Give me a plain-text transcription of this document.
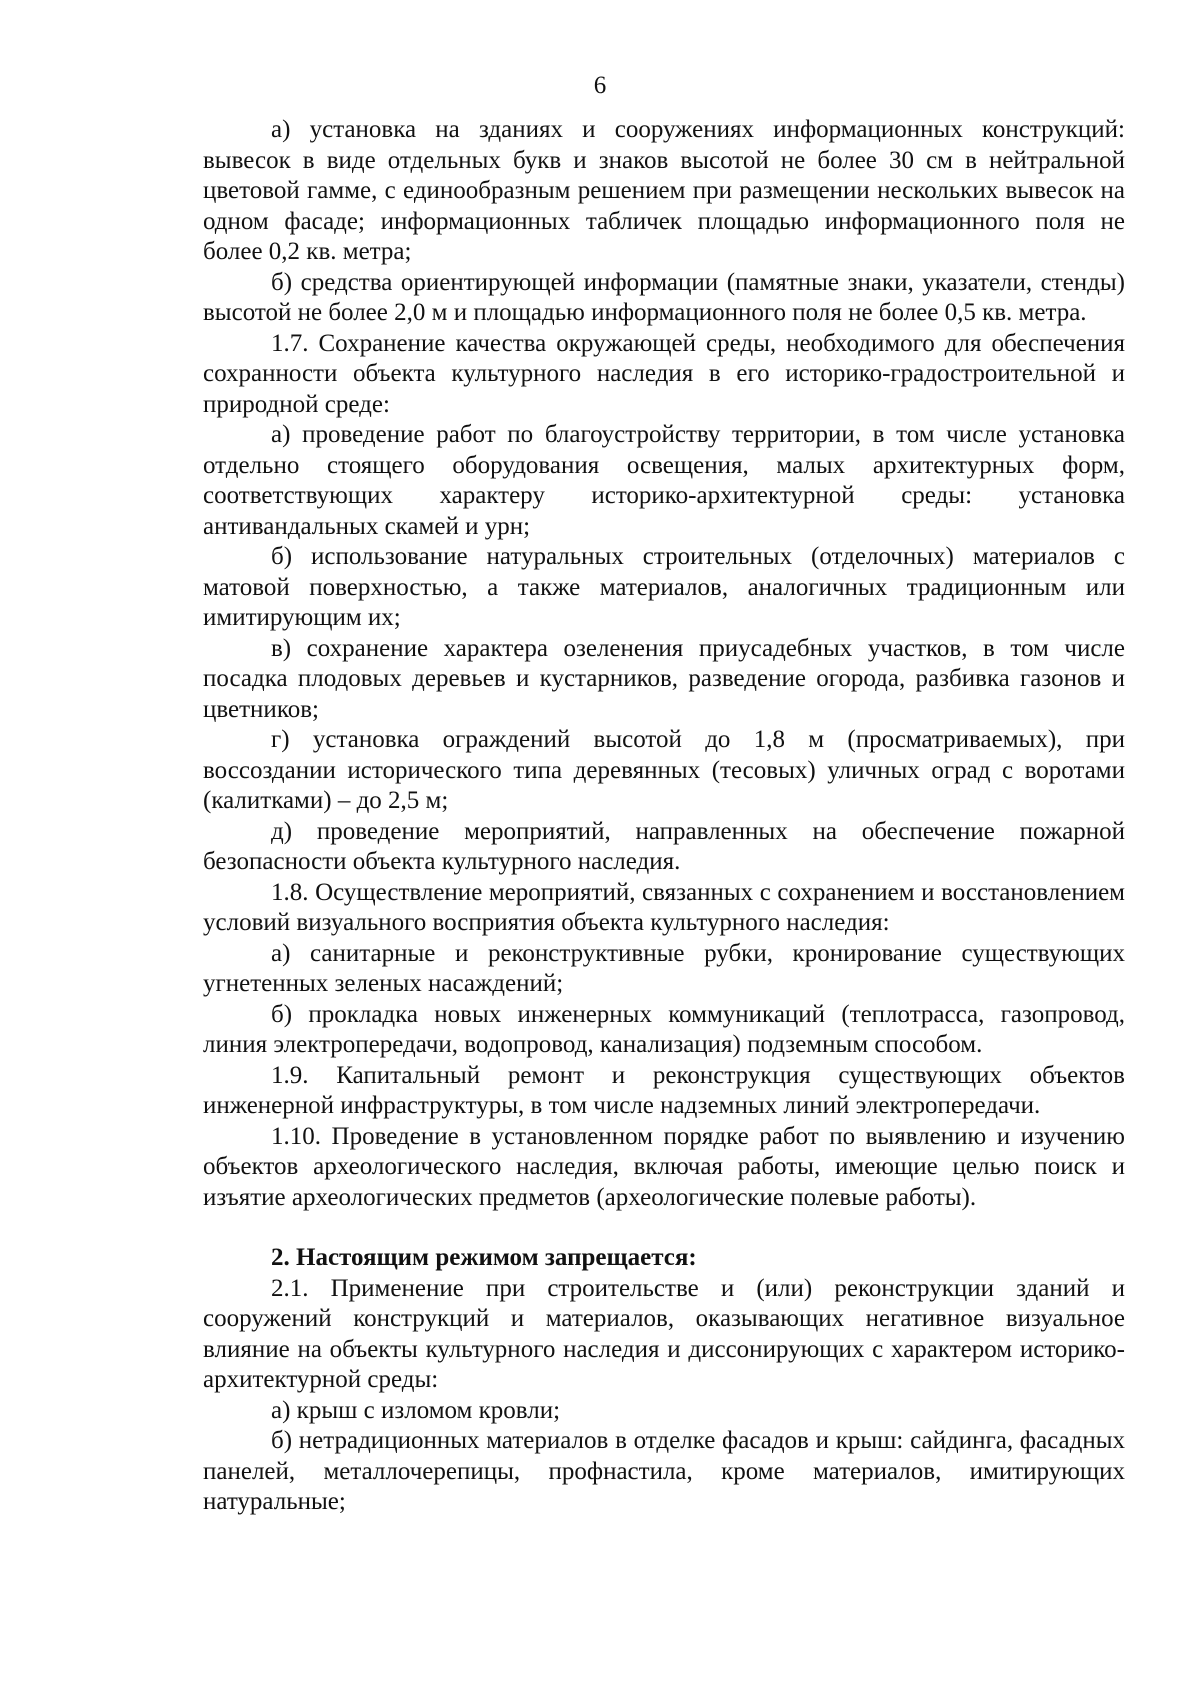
6

а) установка на зданиях и сооружениях информационных конструкций: вывесок в виде отдельных букв и знаков высотой не более 30 см в нейтральной цветовой гамме, с единообразным решением при размещении нескольких вывесок на одном фасаде; информационных табличек площадью информационного поля не более 0,2 кв. метра;

б) средства ориентирующей информации (памятные знаки, указатели, стенды) высотой не более 2,0 м и площадью информационного поля не более 0,5 кв. метра.

1.7. Сохранение качества окружающей среды, необходимого для обеспечения сохранности объекта культурного наследия в его историко-градостроительной и природной среде:

а) проведение работ по благоустройству территории, в том числе установка отдельно стоящего оборудования освещения, малых архитектурных форм, соответствующих характеру историко-архитектурной среды: установка антивандальных скамей и урн;

б) использование натуральных строительных (отделочных) материалов с матовой поверхностью, а также материалов, аналогичных традиционным или имитирующим их;

в) сохранение характера озеленения приусадебных участков, в том числе посадка плодовых деревьев и кустарников, разведение огорода, разбивка газонов и цветников;

г) установка ограждений высотой до 1,8 м (просматриваемых), при воссоздании исторического типа деревянных (тесовых) уличных оград с воротами (калитками) – до 2,5 м;

д) проведение мероприятий, направленных на обеспечение пожарной безопасности объекта культурного наследия.

1.8. Осуществление мероприятий, связанных с сохранением и восстановлением условий визуального восприятия объекта культурного наследия:

а) санитарные и реконструктивные рубки, кронирование существующих угнетенных зеленых насаждений;

б) прокладка новых инженерных коммуникаций (теплотрасса, газопровод, линия электропередачи, водопровод, канализация) подземным способом.

1.9. Капитальный ремонт и реконструкция существующих объектов инженерной инфраструктуры, в том числе надземных линий электропередачи.

1.10. Проведение в установленном порядке работ по выявлению и изучению объектов археологического наследия, включая работы, имеющие целью поиск и изъятие археологических предметов (археологические полевые работы).

2. Настоящим режимом запрещается:

2.1. Применение при строительстве и (или) реконструкции зданий и сооружений конструкций и материалов, оказывающих негативное визуальное влияние на объекты культурного наследия и диссонирующих с характером историко-архитектурной среды:

а) крыш с изломом кровли;

б) нетрадиционных материалов в отделке фасадов и крыш: сайдинга, фасадных панелей, металлочерепицы, профнастила, кроме материалов, имитирующих натуральные;
